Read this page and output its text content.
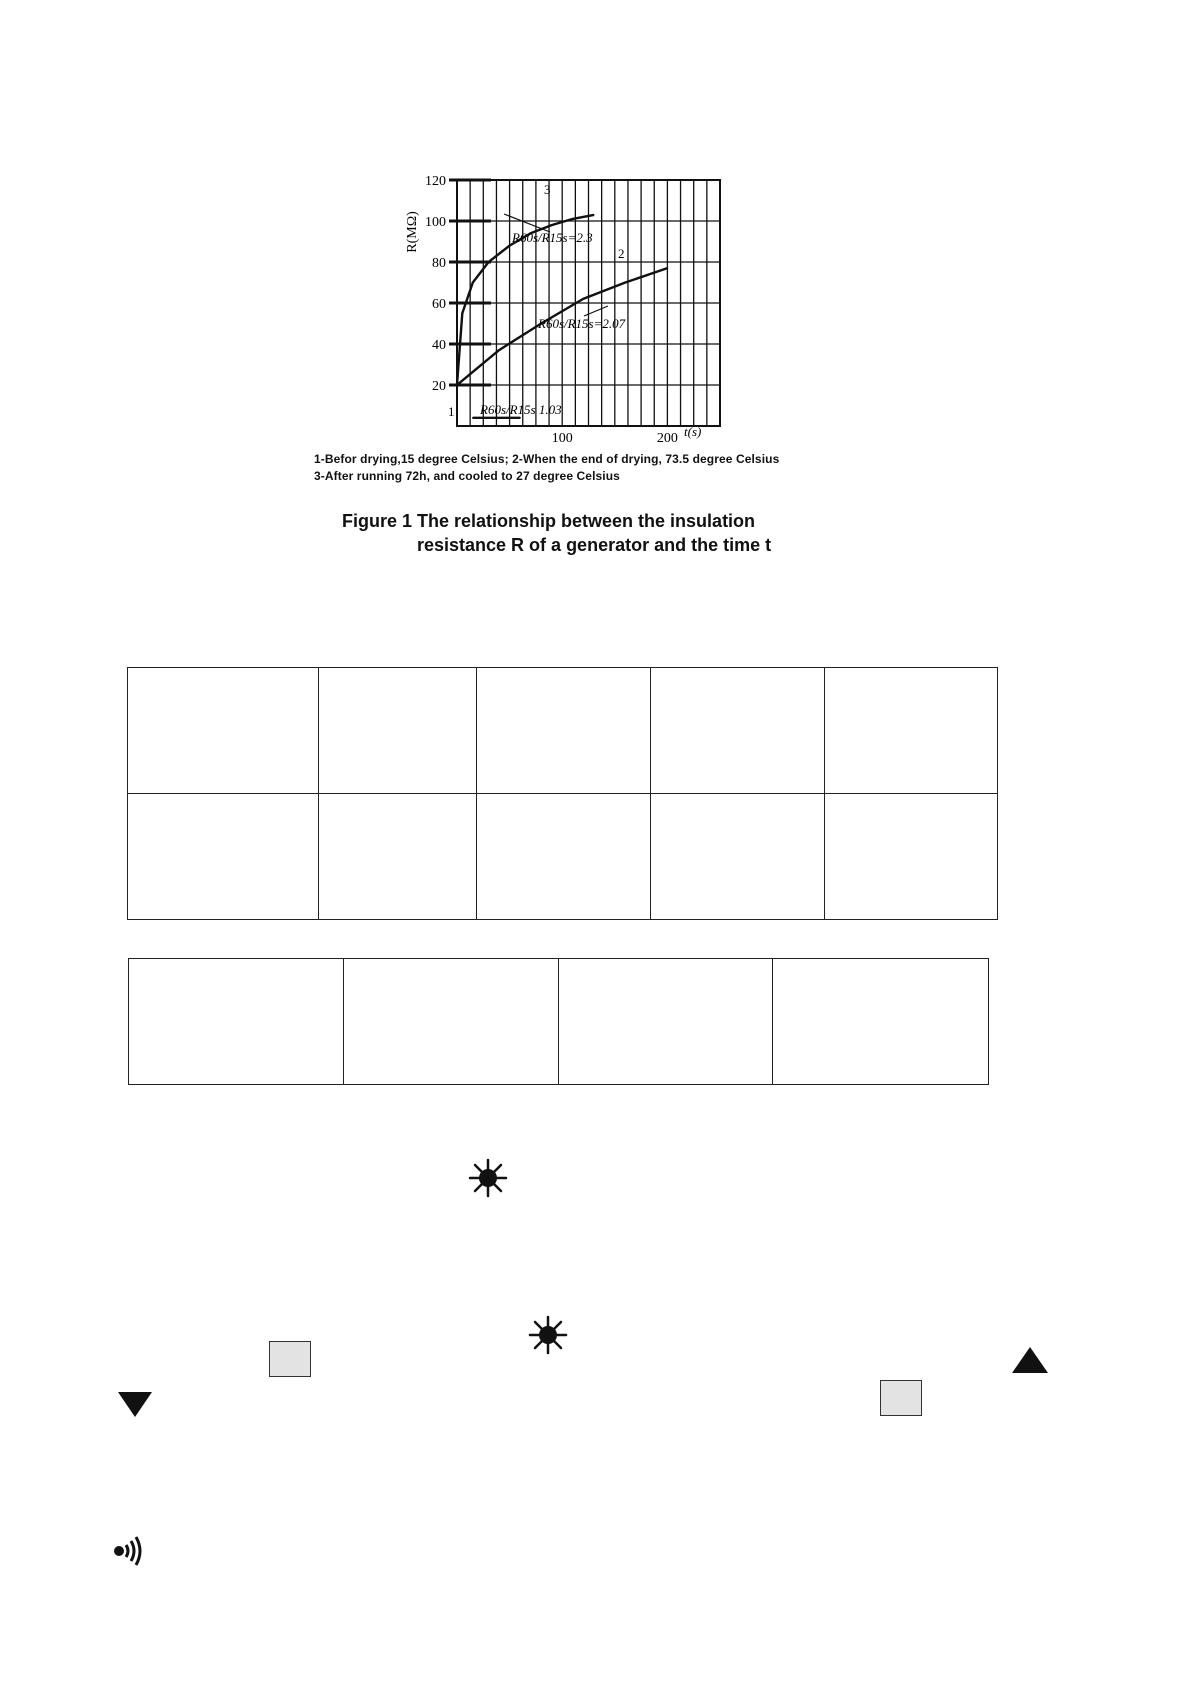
20
40
60
80
100
120
100	200
R(MΩ)
t(s)
3
2
1
R60s/R15s=2.3
R60s/R15s=2.07
R60s/R15s 1.03
1-Befor drying,15 degree Celsius; 2-When the end of drying, 73.5 degree Celsius
3-After running 72h, and cooled to 27 degree Celsius
Figure 1 The relationship between the insulation
resistance R of a generator and the time t
